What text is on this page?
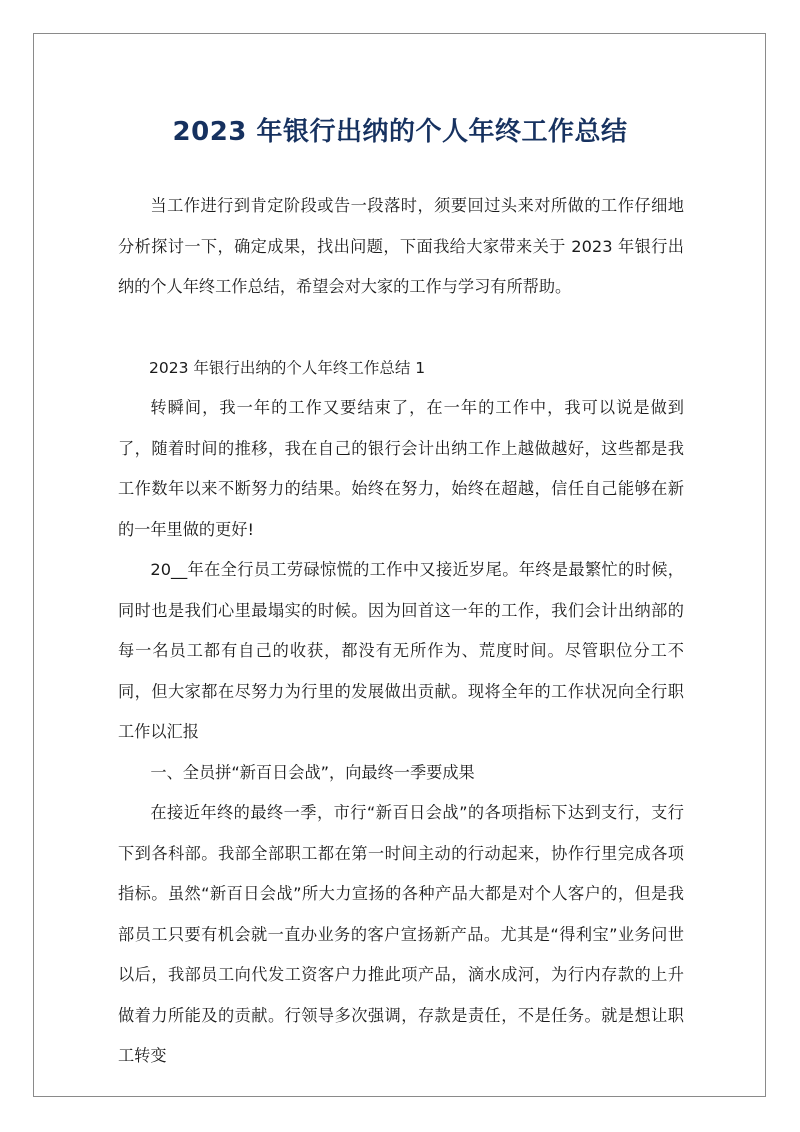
2023 年银行出纳的个人年终工作总结

当工作进行到肯定阶段或告一段落时，须要回过头来对所做的工作仔细地分析探讨一下，确定成果，找出问题，下面我给大家带来关于 2023 年银行出纳的个人年终工作总结，希望会对大家的工作与学习有所帮助。

2023 年银行出纳的个人年终工作总结 1

转瞬间，我一年的工作又要结束了，在一年的工作中，我可以说是做到了，随着时间的推移，我在自己的银行会计出纳工作上越做越好，这些都是我工作数年以来不断努力的结果。始终在努力，始终在超越，信任自己能够在新的一年里做的更好!

20__年在全行员工劳碌惊慌的工作中又接近岁尾。年终是最繁忙的时候，同时也是我们心里最塌实的时候。因为回首这一年的工作，我们会计出纳部的每一名员工都有自己的收获，都没有无所作为、荒度时间。尽管职位分工不同，但大家都在尽努力为行里的发展做出贡献。现将全年的工作状况向全行职工作以汇报

一、全员拼“新百日会战”，向最终一季要成果

在接近年终的最终一季，市行“新百日会战”的各项指标下达到支行，支行下到各科部。我部全部职工都在第一时间主动的行动起来，协作行里完成各项指标。虽然“新百日会战”所大力宣扬的各种产品大都是对个人客户的，但是我部员工只要有机会就一直办业务的客户宣扬新产品。尤其是“得利宝”业务问世以后，我部员工向代发工资客户力推此项产品，滴水成河，为行内存款的上升做着力所能及的贡献。行领导多次强调，存款是责任，不是任务。就是想让职工转变
